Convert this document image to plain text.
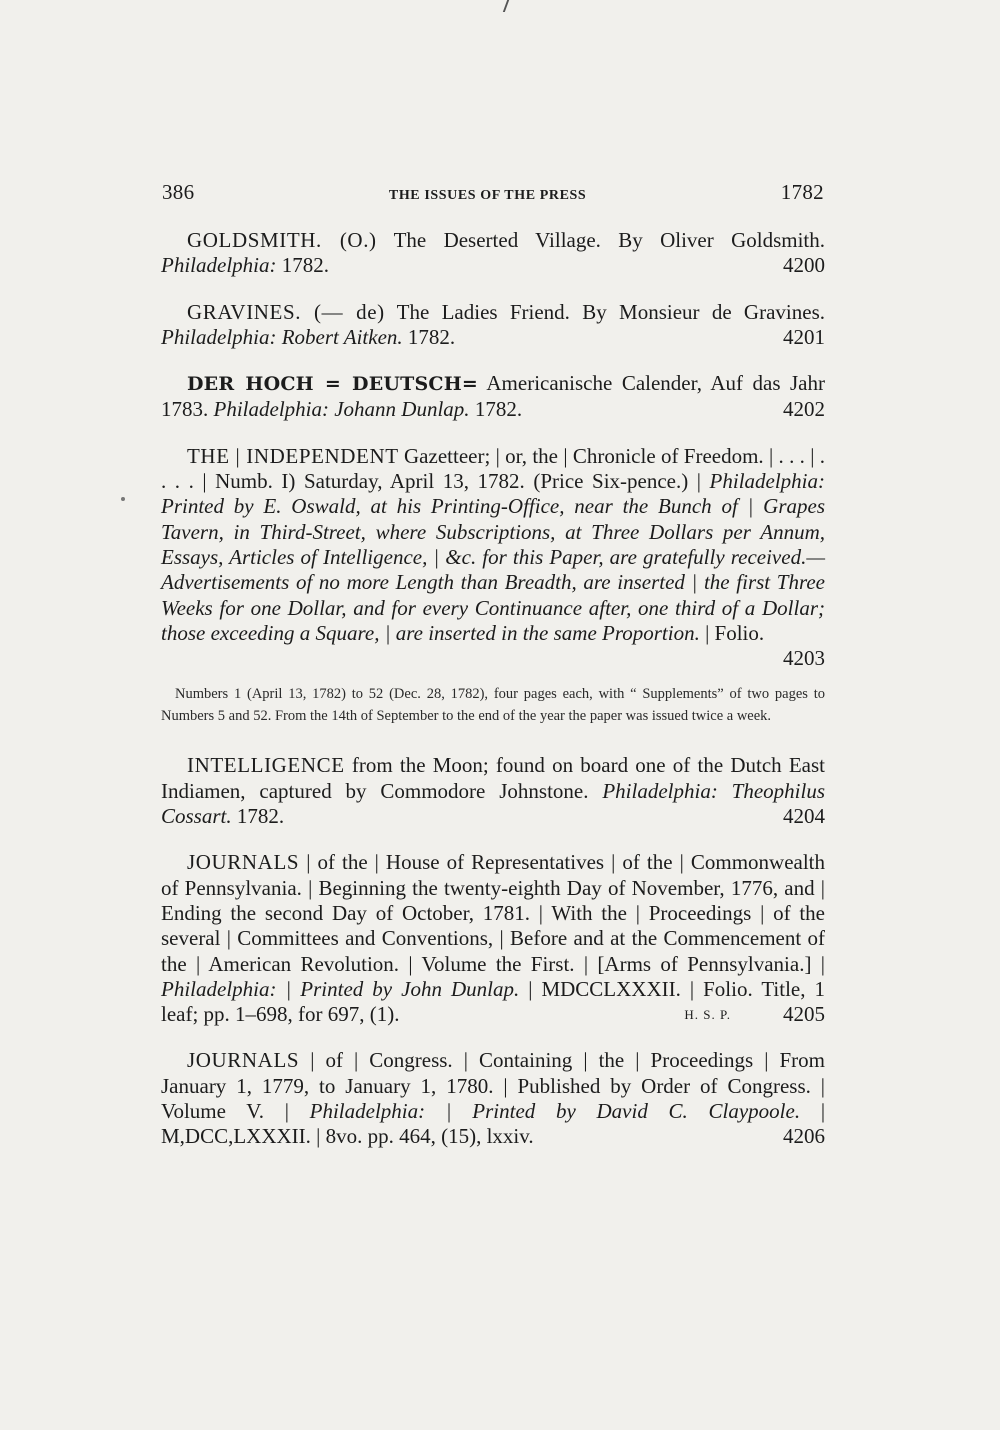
386	THE ISSUES OF THE PRESS	1782

GOLDSMITH. (O.) The Deserted Village. By Oliver Goldsmith. Philadelphia: 1782.	4200

GRAVINES. (— de) The Ladies Friend. By Monsieur de Gravines. Philadelphia: Robert Aitken. 1782.	4201

DER HOCH = DEUTSCH= Americanische Calender, Auf das Jahr 1783. Philadelphia: Johann Dunlap. 1782.	4202

THE | INDEPENDENT Gazetteer; | or, the | Chronicle of Freedom. | . . . | . . . . | Numb. I) Saturday, April 13, 1782. (Price Six-pence.) | Philadelphia: Printed by E. Oswald, at his Printing-Office, near the Bunch of | Grapes Tavern, in Third-Street, where Subscriptions, at Three Dollars per Annum, Essays, Articles of Intelligence, | &c. for this Paper, are gratefully received.—Advertisements of no more Length than Breadth, are inserted | the first Three Weeks for one Dollar, and for every Continuance after, one third of a Dollar; those exceeding a Square, | are inserted in the same Proportion. | Folio.
4203

Numbers 1 (April 13, 1782) to 52 (Dec. 28, 1782), four pages each, with “ Supplements” of two pages to Numbers 5 and 52. From the 14th of September to the end of the year the paper was issued twice a week.

INTELLIGENCE from the Moon; found on board one of the Dutch East Indiamen, captured by Commodore Johnstone. Philadelphia: Theophilus Cossart. 1782.	4204

JOURNALS | of the | House of Representatives | of the | Commonwealth of Pennsylvania. | Beginning the twenty-eighth Day of November, 1776, and | Ending the second Day of October, 1781. | With the | Proceedings | of the several | Committees and Conventions, | Before and at the Commencement of the | American Revolution. | Volume the First. | [Arms of Pennsylvania.] | Philadelphia: | Printed by John Dunlap. | MDCCLXXXII. | Folio. Title, 1 leaf; pp. 1–698, for 697, (1).	4205
H. S. P.

JOURNALS | of | Congress. | Containing | the | Proceedings | From January 1, 1779, to January 1, 1780. | Published by Order of Congress. | Volume V. | Philadelphia: | Printed by David C. Claypoole. | M,DCC,LXXXII. | 8vo. pp. 464, (15), lxxiv.	4206
